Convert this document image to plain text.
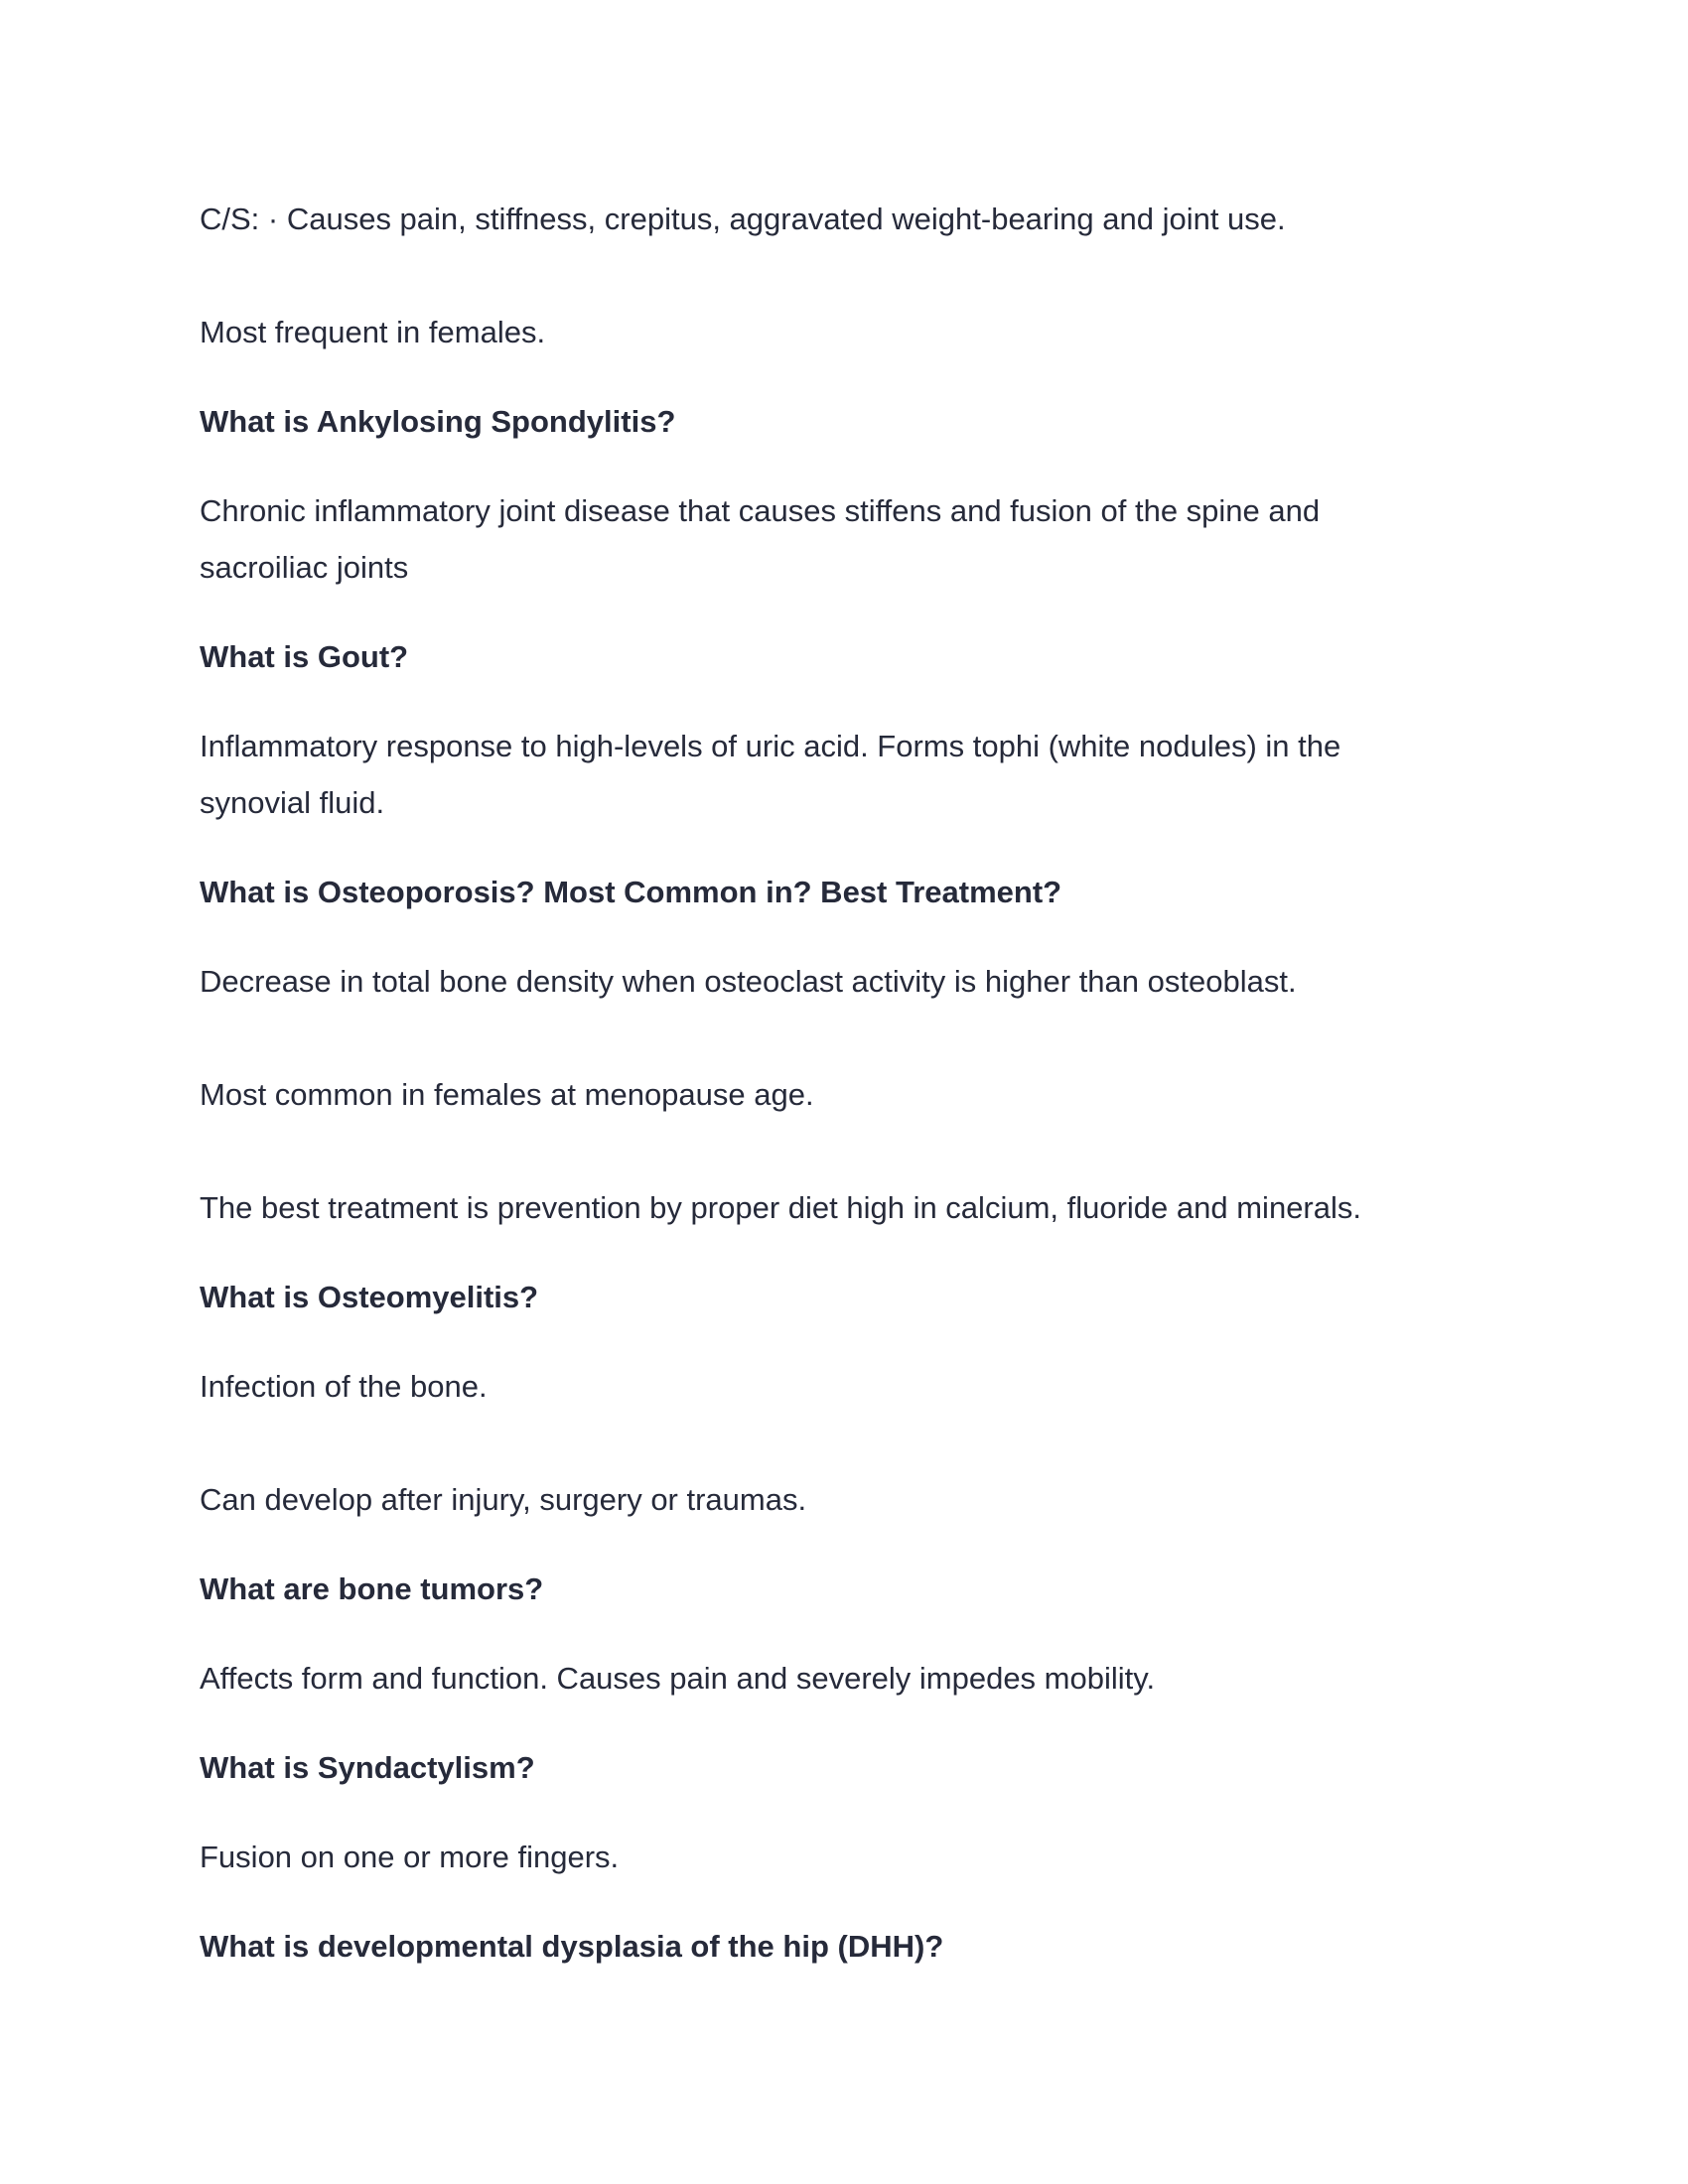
C/S: · Causes pain, stiffness, crepitus, aggravated weight-bearing and joint use.
Most frequent in females.
What is Ankylosing Spondylitis?
Chronic inflammatory joint disease that causes stiffens and fusion of the spine and
sacroiliac joints
What is Gout?
Inflammatory response to high-levels of uric acid. Forms tophi (white nodules) in the
synovial fluid.
What is Osteoporosis? Most Common in? Best Treatment?
Decrease in total bone density when osteoclast activity is higher than osteoblast.
Most common in females at menopause age.
The best treatment is prevention by proper diet high in calcium, fluoride and minerals.
What is Osteomyelitis?
Infection of the bone.
Can develop after injury, surgery or traumas.
What are bone tumors?
Affects form and function. Causes pain and severely impedes mobility.
What is Syndactylism?
Fusion on one or more fingers.
What is developmental dysplasia of the hip (DHH)?
